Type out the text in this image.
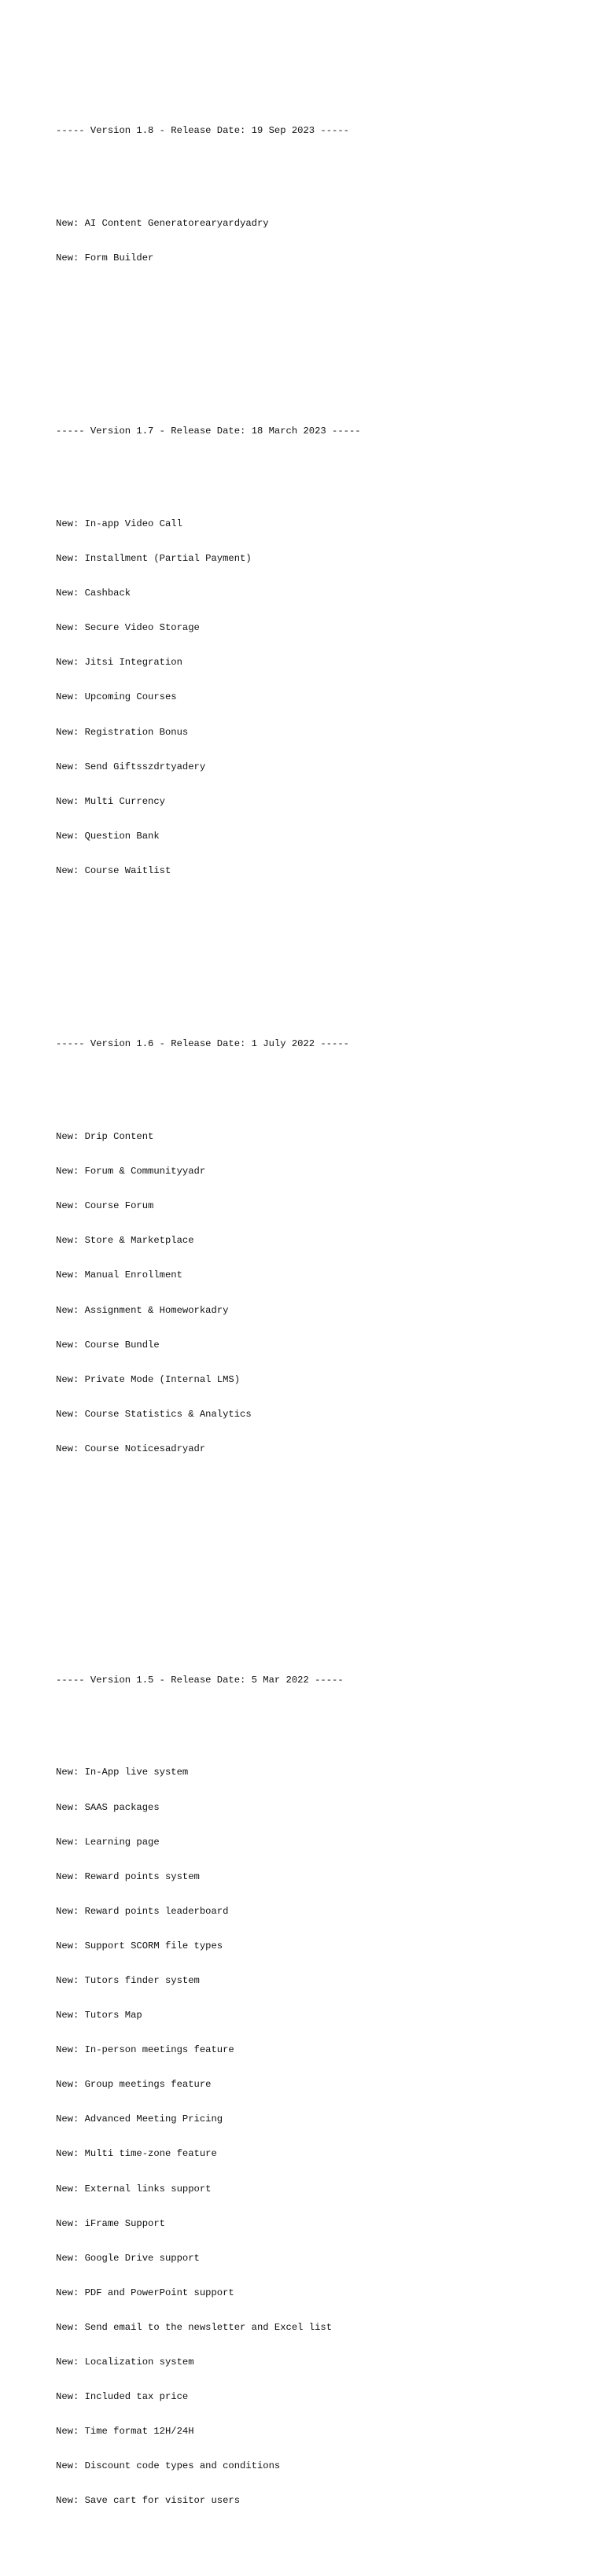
----- Version 1.8 - Release Date: 19 Sep 2023 -----

New: AI Content Generatorearyardyadry

New: Form Builder

----- Version 1.7 - Release Date: 18 March 2023 -----

New: In-app Video Call

New: Installment (Partial Payment)

New: Cashback

New: Secure Video Storage

New: Jitsi Integration

New: Upcoming Courses

New: Registration Bonus

New: Send Giftsszdrtyadery

New: Multi Currency

New: Question Bank

New: Course Waitlist

----- Version 1.6 - Release Date: 1 July 2022 -----

New: Drip Content

New: Forum & Communityyadr

New: Course Forum

New: Store & Marketplace

New: Manual Enrollment

New: Assignment & Homeworkadry

New: Course Bundle

New: Private Mode (Internal LMS)

New: Course Statistics & Analytics

New: Course Noticesadryadr

----- Version 1.5 - Release Date: 5 Mar 2022 -----

New: In-App live system

New: SAAS packages

New: Learning page

New: Reward points system

New: Reward points leaderboard

New: Support SCORM file types

New: Tutors finder system

New: Tutors Map

New: In-person meetings feature

New: Group meetings feature

New: Advanced Meeting Pricing

New: Multi time-zone feature

New: External links support

New: iFrame Support

New: Google Drive support

New: PDF and PowerPoint support

New: Send email to the newsletter and Excel list

New: Localization system

New: Included tax price

New: Time format 12H/24H

New: Discount code types and conditions

New: Save cart for visitor users
